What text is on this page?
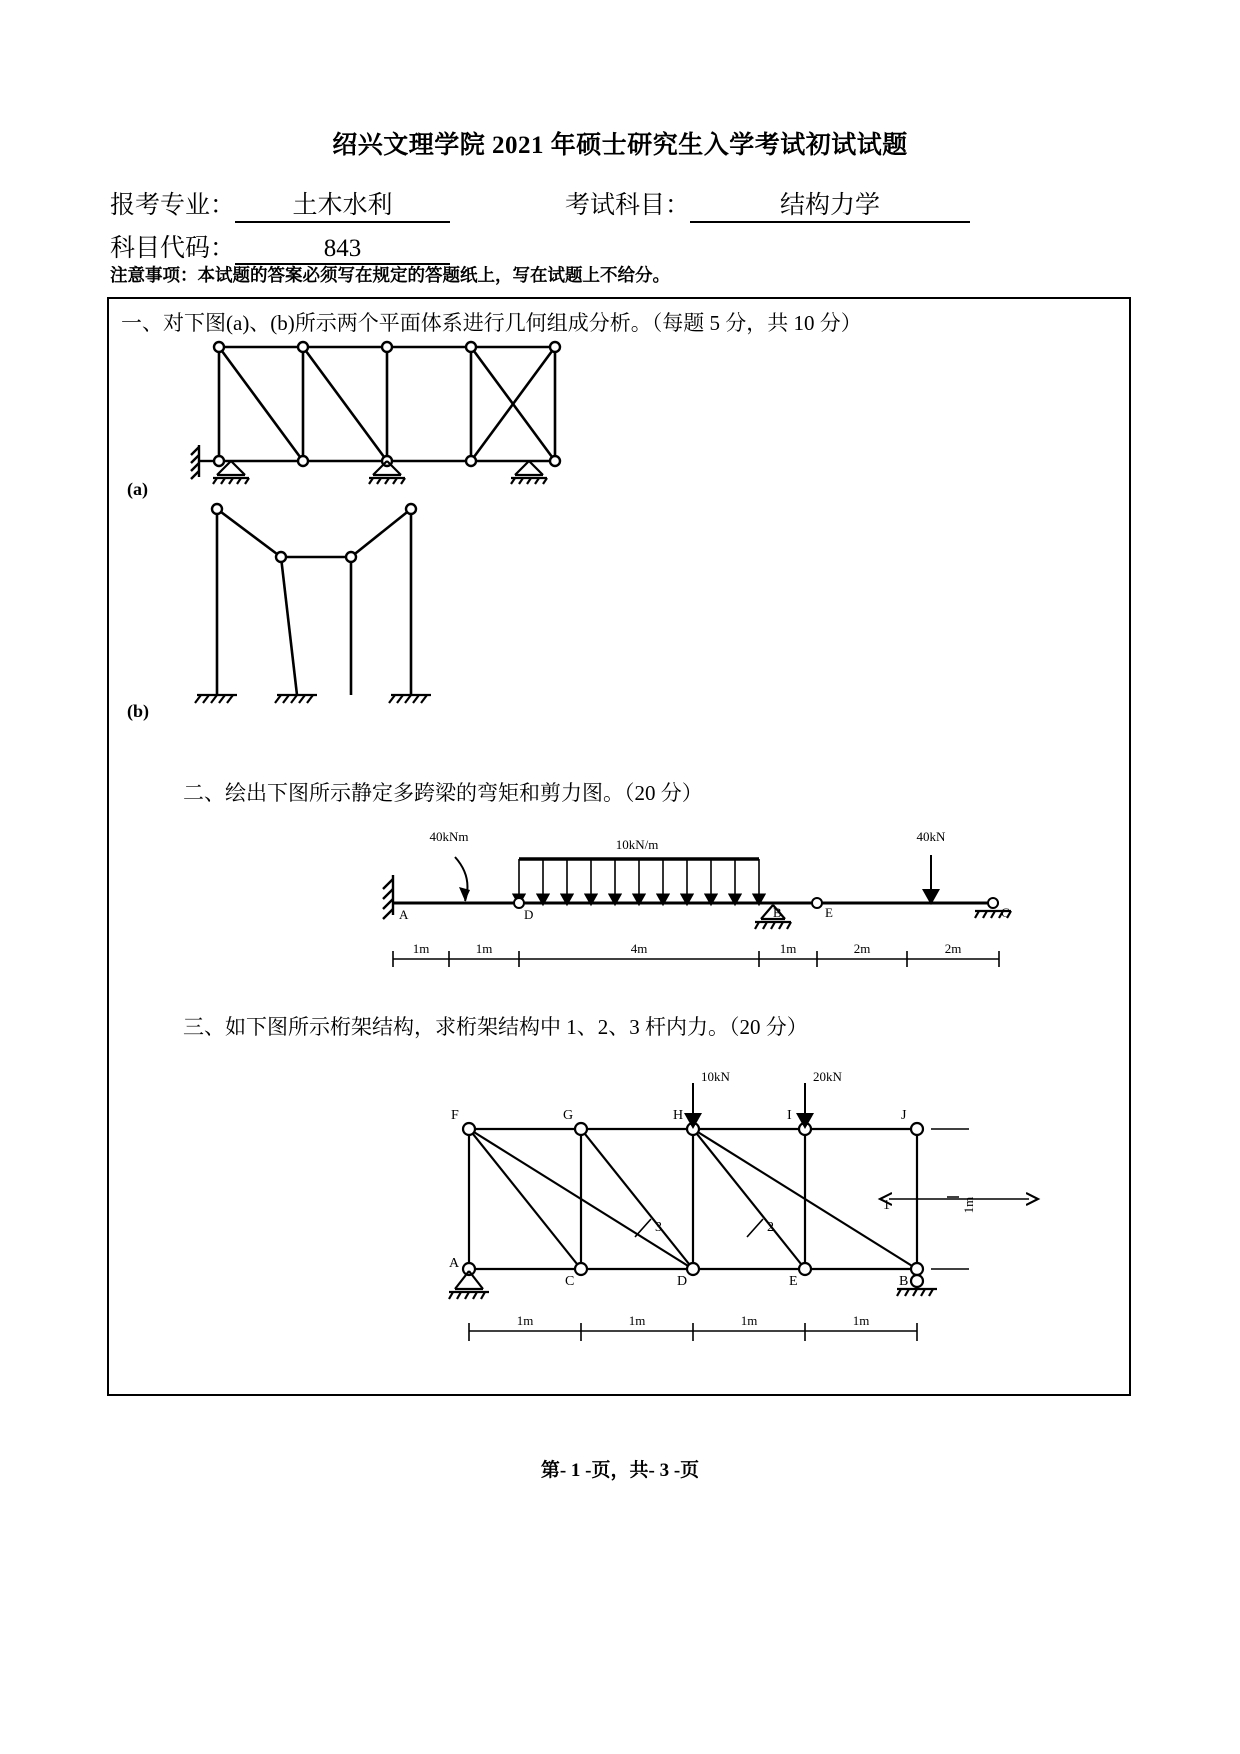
绍兴文理学院 2021 年硕士研究生入学考试初试试题
报考专业： 土木水利	考试科目：	结构力学
科目代码：	843
注意事项：本试题的答案必须写在规定的答题纸上，写在试题上不给分。
一、对下图(a)、(b)所示两个平面体系进行几何组成分析。（每题 5 分，共 10 分）
(a)
(b)
二、绘出下图所示静定多跨梁的弯矩和剪力图。（20 分）
40kNm
10kN/m
40kN
A	D	B	E	C
1m	1m	4m	1m	2m	2m
三、如下图所示桁架结构，求桁架结构中 1、2、3 杆内力。（20 分）
10kN	20kN
F	G	H	I	J
A
C	D	E	B
3	2
1	1m
1m	1m	1m	1m
第- 1 -页，共- 3 -页
